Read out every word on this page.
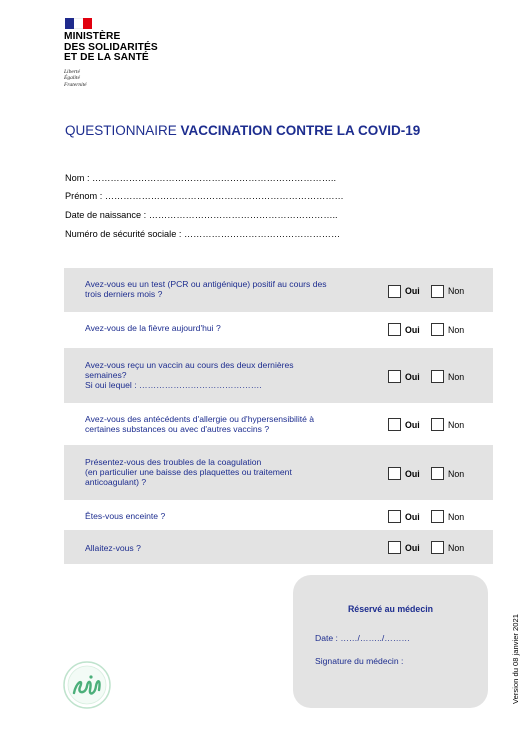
MINISTÈRE
DES SOLIDARITÉS
ET DE LA SANTÉ
Liberté
Égalité
Fraternité
QUESTIONNAIRE VACCINATION CONTRE LA COVID-19
Nom : ……………………………………………………………………..
Prénom : ……………………………………………………………………
Date de naissance : ……………………………………………………..
Numéro de sécurité sociale : ……………………………………………
Avez-vous eu un test (PCR ou antigénique) positif au cours des
trois derniers mois ?	Oui	Non
Avez-vous de la fièvre aujourd'hui ?	Oui	Non
Avez-vous reçu un vaccin au cours des deux dernières
semaines?
Si oui lequel : …………………………………….
Oui	Non
Avez-vous des antécédents d'allergie ou d'hypersensibilité à
certaines substances ou avec d'autres vaccins ?	Oui	Non
Présentez-vous des troubles de la coagulation
(en particulier une baisse des plaquettes ou traitement
anticoagulant) ?
Oui	Non
Êtes-vous enceinte ?	Oui	Non
Allaitez-vous ?	Oui	Non
Réservé au médecin
Date : ……/……../………
Signature du médecin :	Version du 08 janvier 2021
